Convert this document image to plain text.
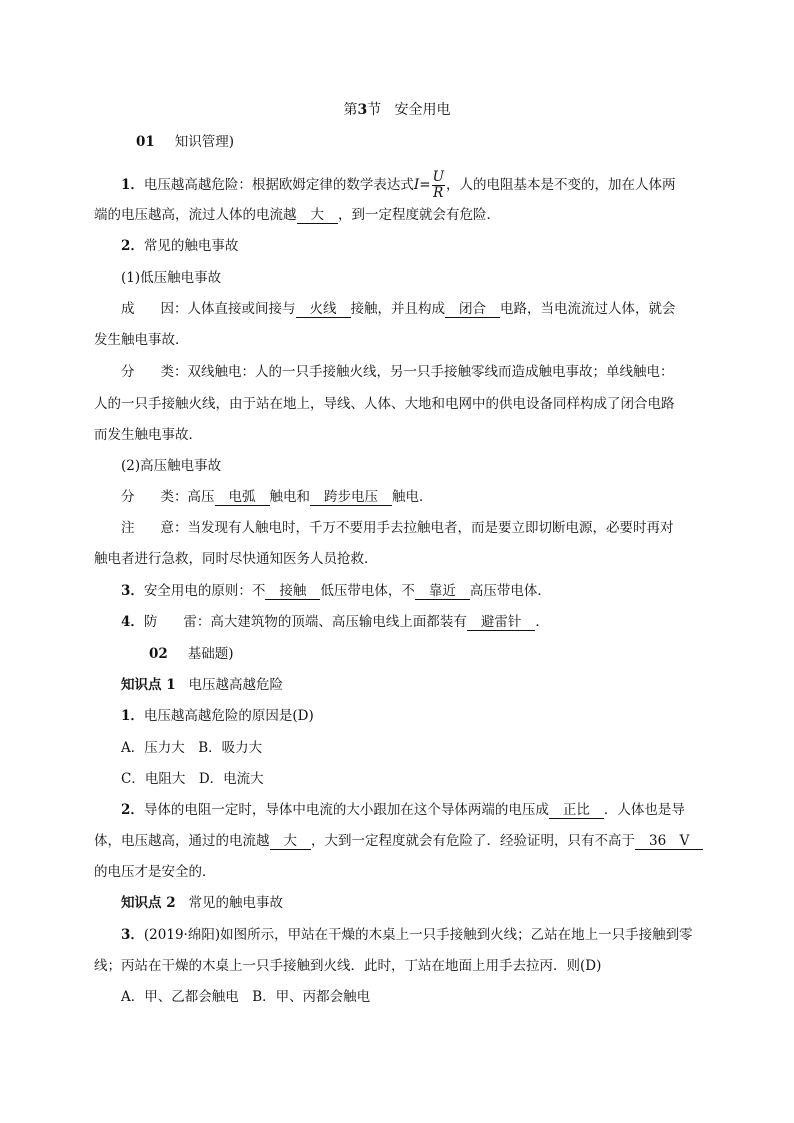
第3节 安全用电
01 知识管理)
1．电压越高越危险：根据欧姆定律的数学表达式$I= \frac{U}{R}$ ，人的电阻基本是不变的，加在人体两
端的电压越高，流过人体的电流越 大 ，到一定程度就会有危险．
2．常见的触电事故
(1)低压触电事故
成 因：人体直接或间接与 火线 接触，并且构成 闭合 电路，当电流流过人体，就会
发生触电事故．
分 类：双线触电：人的一只手接触火线，另一只手接触零线而造成触电事故；单线触电：
人的一只手接触火线，由于站在地上，导线、人体、大地和电网中的供电设备同样构成了闭合电路
而发生触电事故．
(2)高压触电事故
分 类：高压 电弧 触电和 跨步电压 触电．
注 意：当发现有人触电时，千万不要用手去拉触电者，而是要立即切断电源，必要时再对
触电者进行急救，同时尽快通知医务人员抢救．
3．安全用电的原则：不 接触 低压带电体，不 靠近 高压带电体．
4．防 雷：高大建筑物的顶端、高压输电线上面都装有 避雷针 ．
02 基础题)
知识点 1 电压越高越危险
1．电压越高越危险的原因是(D)
A．压力大　B．吸力大
C．电阻大　D．电流大
2．导体的电阻一定时，导体中电流的大小跟加在这个导体两端的电压成 正比 ．人体也是导
体，电压越高，通过的电流越 大 ，大到一定程度就会有危险了．经验证明，只有不高于 36　V
的电压才是安全的．
知识点 2 常见的触电事故
3．(2019·绵阳)如图所示，甲站在干燥的木桌上一只手接触到火线；乙站在地上一只手接触到零
线；丙站在干燥的木桌上一只手接触到火线．此时，丁站在地面上用手去拉丙．则(D)
A．甲、乙都会触电　B．甲、丙都会触电
